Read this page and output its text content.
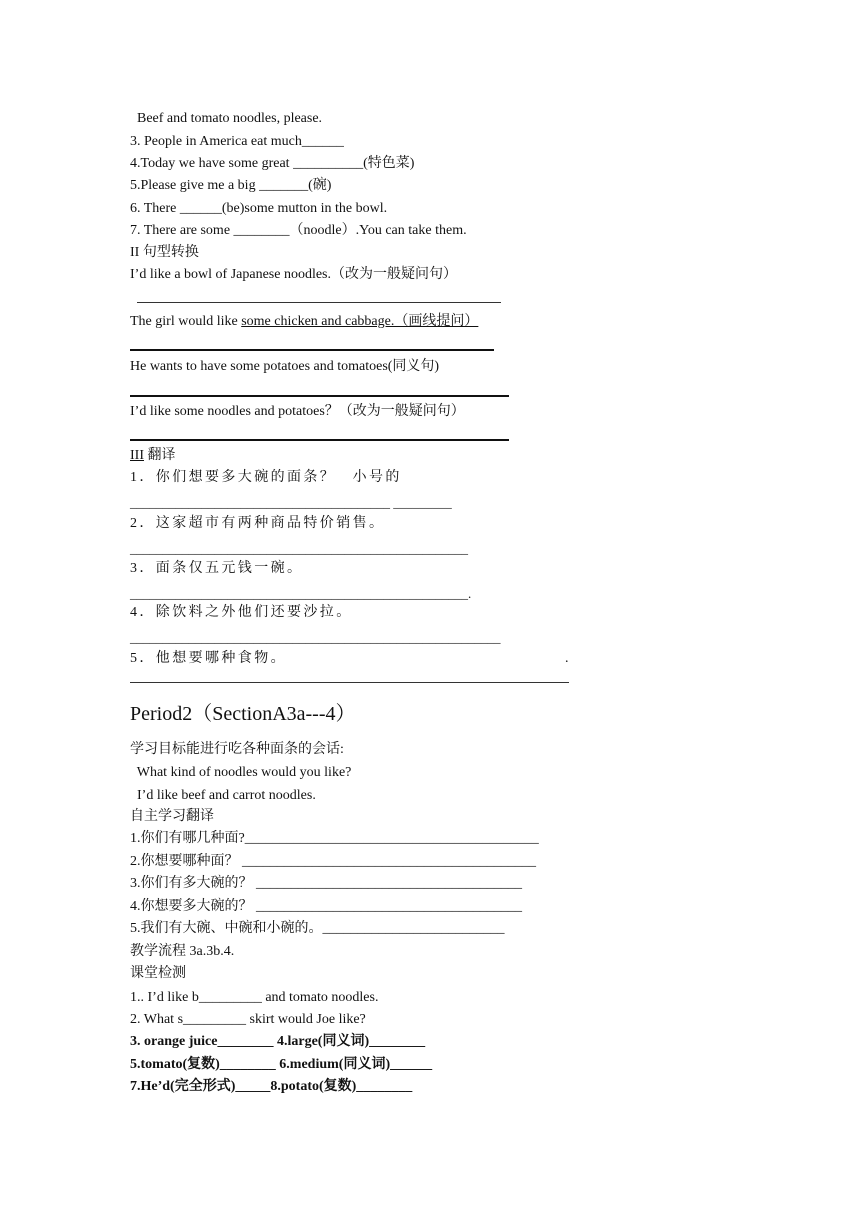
Beef and tomato noodles, please.

3. People in America eat much______

4.Today we have some great __________(特色菜)

5.Please give me a big _______(碗)

6. There ______(be)some mutton in the bowl.

7. There are some ________（noodle）.You can take them.

II 句型转换

I’d like a bowl of Japanese noodles.（改为一般疑问句）

The girl would like some chicken and cabbage.（画线提问）

He wants to have some potatoes and tomatoes(同义句)

I’d like some noodles and potatoes？（改为一般疑问句）

III 翻译

1．你们想要多大碗的面条？　小号的

________________________________________ _________

2．这家超市有两种商品特价销售。

____________________________________________________

3．面条仅五元钱一碗。

____________________________________________________.

4．除饮料之外他们还要沙拉。

_________________________________________________________

5．他想要哪种食物。	.

Period2（SectionA3a---4）

学习目标能进行吃各种面条的会话:

What kind of noodles would you like?

I’d like beef and carrot noodles.

自主学习翻译

1.你们有哪几种面?__________________________________________

2.你想要哪种面？ __________________________________________

3.你们有多大碗的？ ______________________________________

4.你想要多大碗的？ ______________________________________

5.我们有大碗、中碗和小碗的。__________________________

教学流程 3a.3b.4.

课堂检测

1.. I’d like b_________ and tomato noodles.

2. What s_________ skirt would Joe like?

3. orange juice________ 4.large(同义词)________

5.tomato(复数)________ 6.medium(同义词)______

7.He’d(完全形式)_____8.potato(复数)________
